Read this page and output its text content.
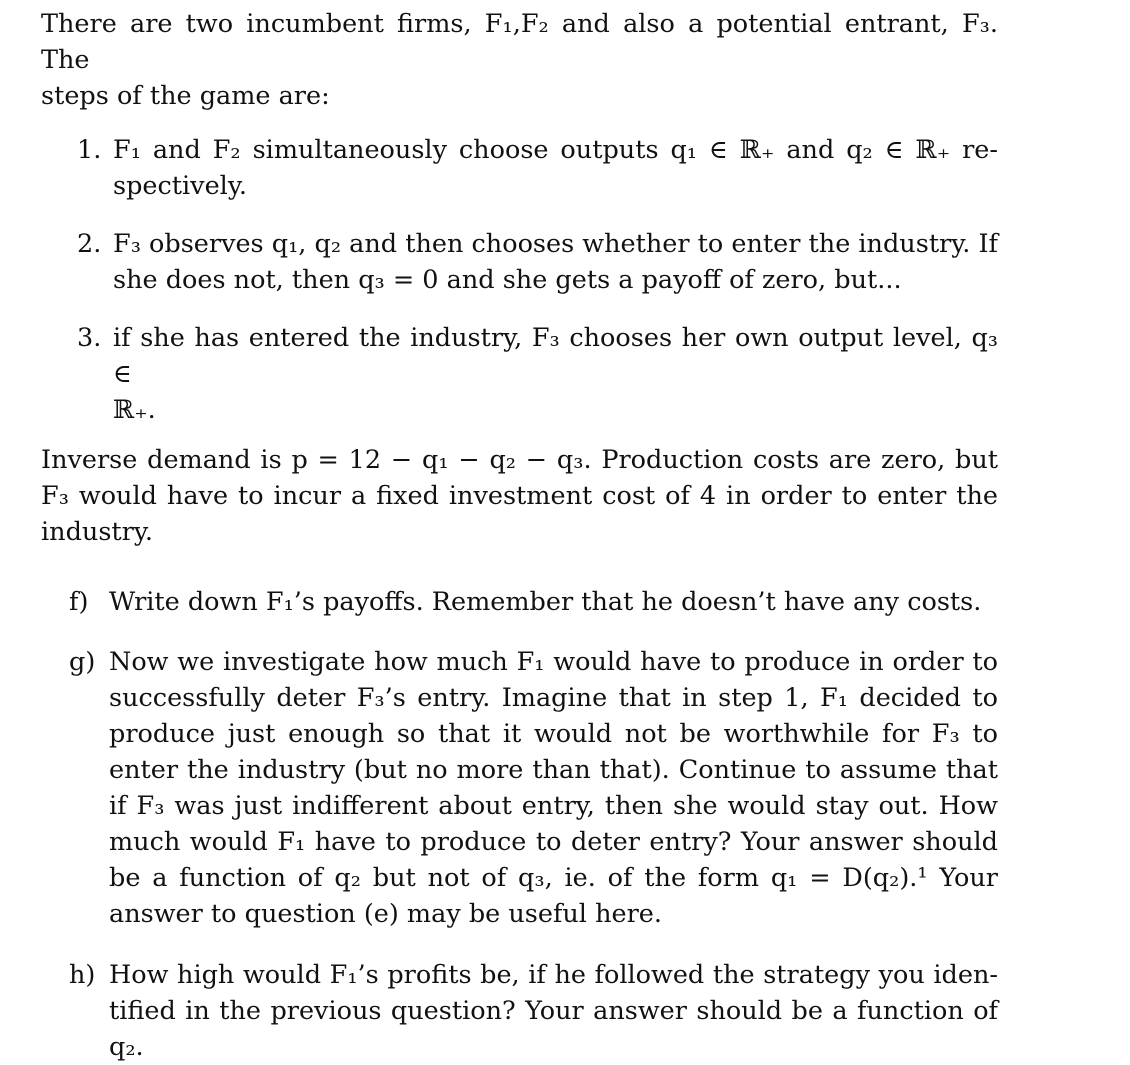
There are two incumbent firms, F₁,F₂ and also a potential entrant, F₃. The
steps of the game are:

1. F₁ and F₂ simultaneously choose outputs q₁ ∈ ℝ₊ and q₂ ∈ ℝ₊ re-
spectively.
2. F₃ observes q₁, q₂ and then chooses whether to enter the industry. If
she does not, then q₃ = 0 and she gets a payoff of zero, but...
3. if she has entered the industry, F₃ chooses her own output level, q₃ ∈
ℝ₊.

Inverse demand is p = 12 − q₁ − q₂ − q₃. Production costs are zero, but
F₃ would have to incur a fixed investment cost of 4 in order to enter the
industry.

f) Write down F₁’s payoffs. Remember that he doesn’t have any costs.
g) Now we investigate how much F₁ would have to produce in order to
successfully deter F₃’s entry. Imagine that in step 1, F₁ decided to
produce just enough so that it would not be worthwhile for F₃ to
enter the industry (but no more than that). Continue to assume that
if F₃ was just indifferent about entry, then she would stay out. How
much would F₁ have to produce to deter entry? Your answer should
be a function of q₂ but not of q₃, ie. of the form q₁ = D(q₂).¹ Your
answer to question (e) may be useful here.
h) How high would F₁’s profits be, if he followed the strategy you iden-
tified in the previous question? Your answer should be a function of
q₂.
